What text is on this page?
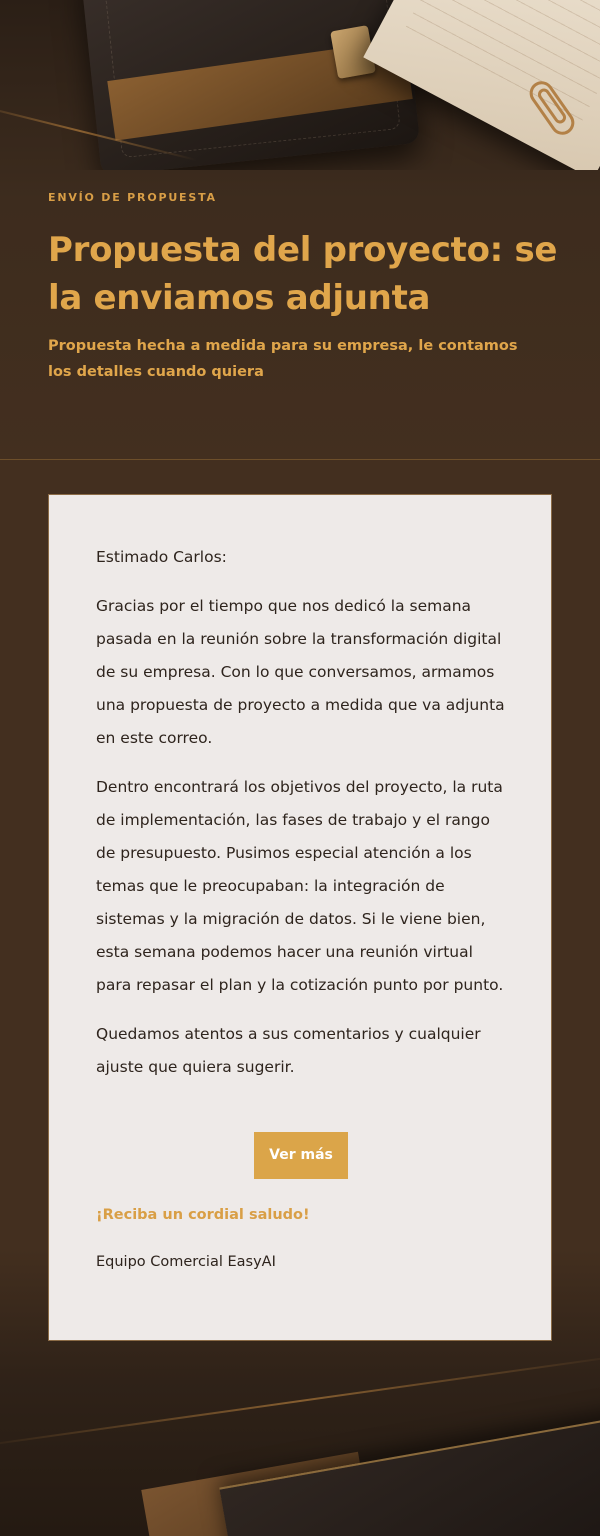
ENVÍO DE PROPUESTA
Propuesta del proyecto: se la enviamos adjunta

Propuesta hecha a medida para su empresa, le contamos los detalles cuando quiera

Estimado Carlos:

Gracias por el tiempo que nos dedicó la semana pasada en la reunión sobre la transformación digital de su empresa. Con lo que conversamos, armamos una propuesta de proyecto a medida que va adjunta en este correo.

Dentro encontrará los objetivos del proyecto, la ruta de implementación, las fases de trabajo y el rango de presupuesto. Pusimos especial atención a los temas que le preocupaban: la integración de sistemas y la migración de datos. Si le viene bien, esta semana podemos hacer una reunión virtual para repasar el plan y la cotización punto por punto.

Quedamos atentos a sus comentarios y cualquier ajuste que quiera sugerir.

Ver más
¡Reciba un cordial saludo!
Equipo Comercial EasyAI
